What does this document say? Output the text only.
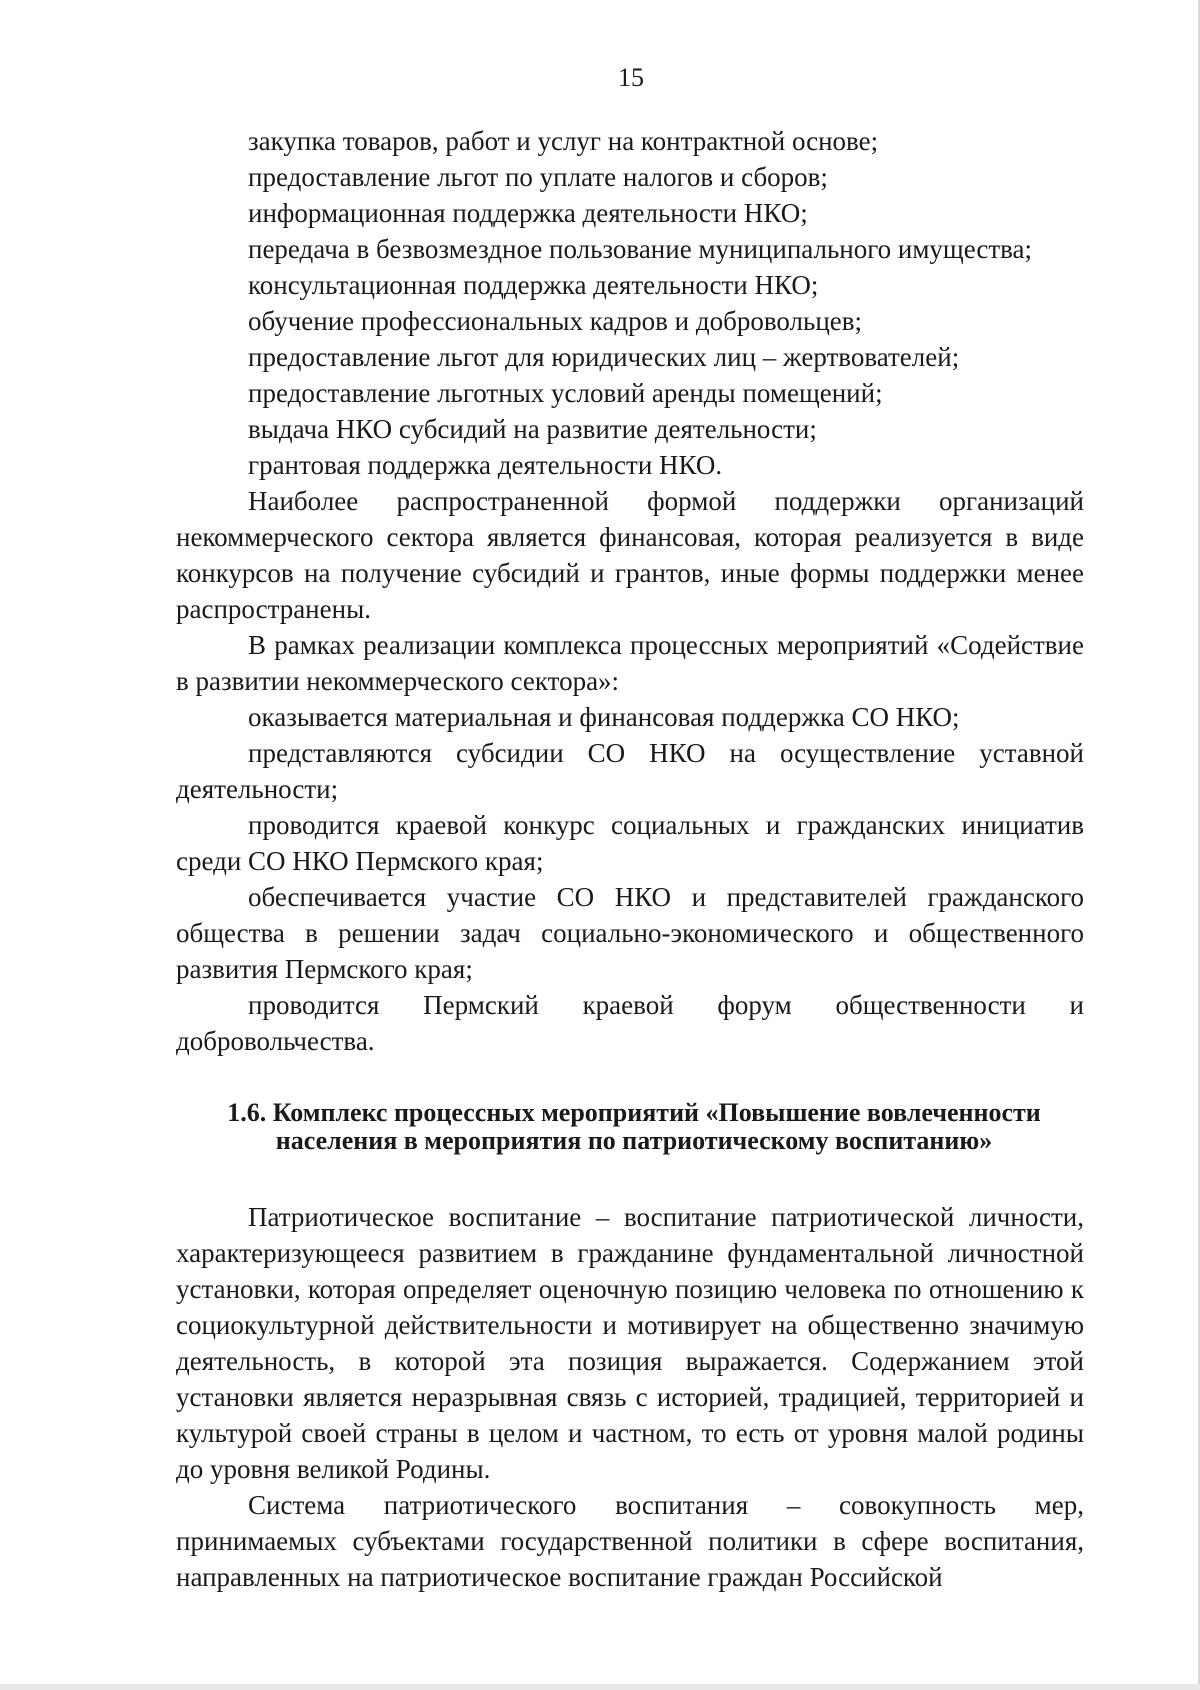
15
закупка товаров, работ и услуг на контрактной основе;
предоставление льгот по уплате налогов и сборов;
информационная поддержка деятельности НКО;
передача в безвозмездное пользование муниципального имущества;
консультационная поддержка деятельности НКО;
обучение профессиональных кадров и добровольцев;
предоставление льгот для юридических лиц – жертвователей;
предоставление льготных условий аренды помещений;
выдача НКО субсидий на развитие деятельности;
грантовая поддержка деятельности НКО.
Наиболее распространенной формой поддержки организаций некоммерческого сектора является финансовая, которая реализуется в виде конкурсов на получение субсидий и грантов, иные формы поддержки менее распространены.
В рамках реализации комплекса процессных мероприятий «Содействие в развитии некоммерческого сектора»:
оказывается материальная и финансовая поддержка СО НКО;
представляются субсидии СО НКО на осуществление уставной деятельности;
проводится краевой конкурс социальных и гражданских инициатив среди СО НКО Пермского края;
обеспечивается участие СО НКО и представителей гражданского общества в решении задач социально-экономического и общественного развития Пермского края;
проводится Пермский краевой форум общественности и добровольчества.
1.6. Комплекс процессных мероприятий «Повышение вовлеченности
населения в мероприятия по патриотическому воспитанию»
Патриотическое воспитание – воспитание патриотической личности, характеризующееся развитием в гражданине фундаментальной личностной установки, которая определяет оценочную позицию человека по отношению к социокультурной действительности и мотивирует на общественно значимую деятельность, в которой эта позиция выражается. Содержанием этой установки является неразрывная связь с историей, традицией, территорией и культурой своей страны в целом и частном, то есть от уровня малой родины до уровня великой Родины.
Система патриотического воспитания – совокупность мер, принимаемых субъектами государственной политики в сфере воспитания, направленных на патриотическое воспитание граждан Российской
